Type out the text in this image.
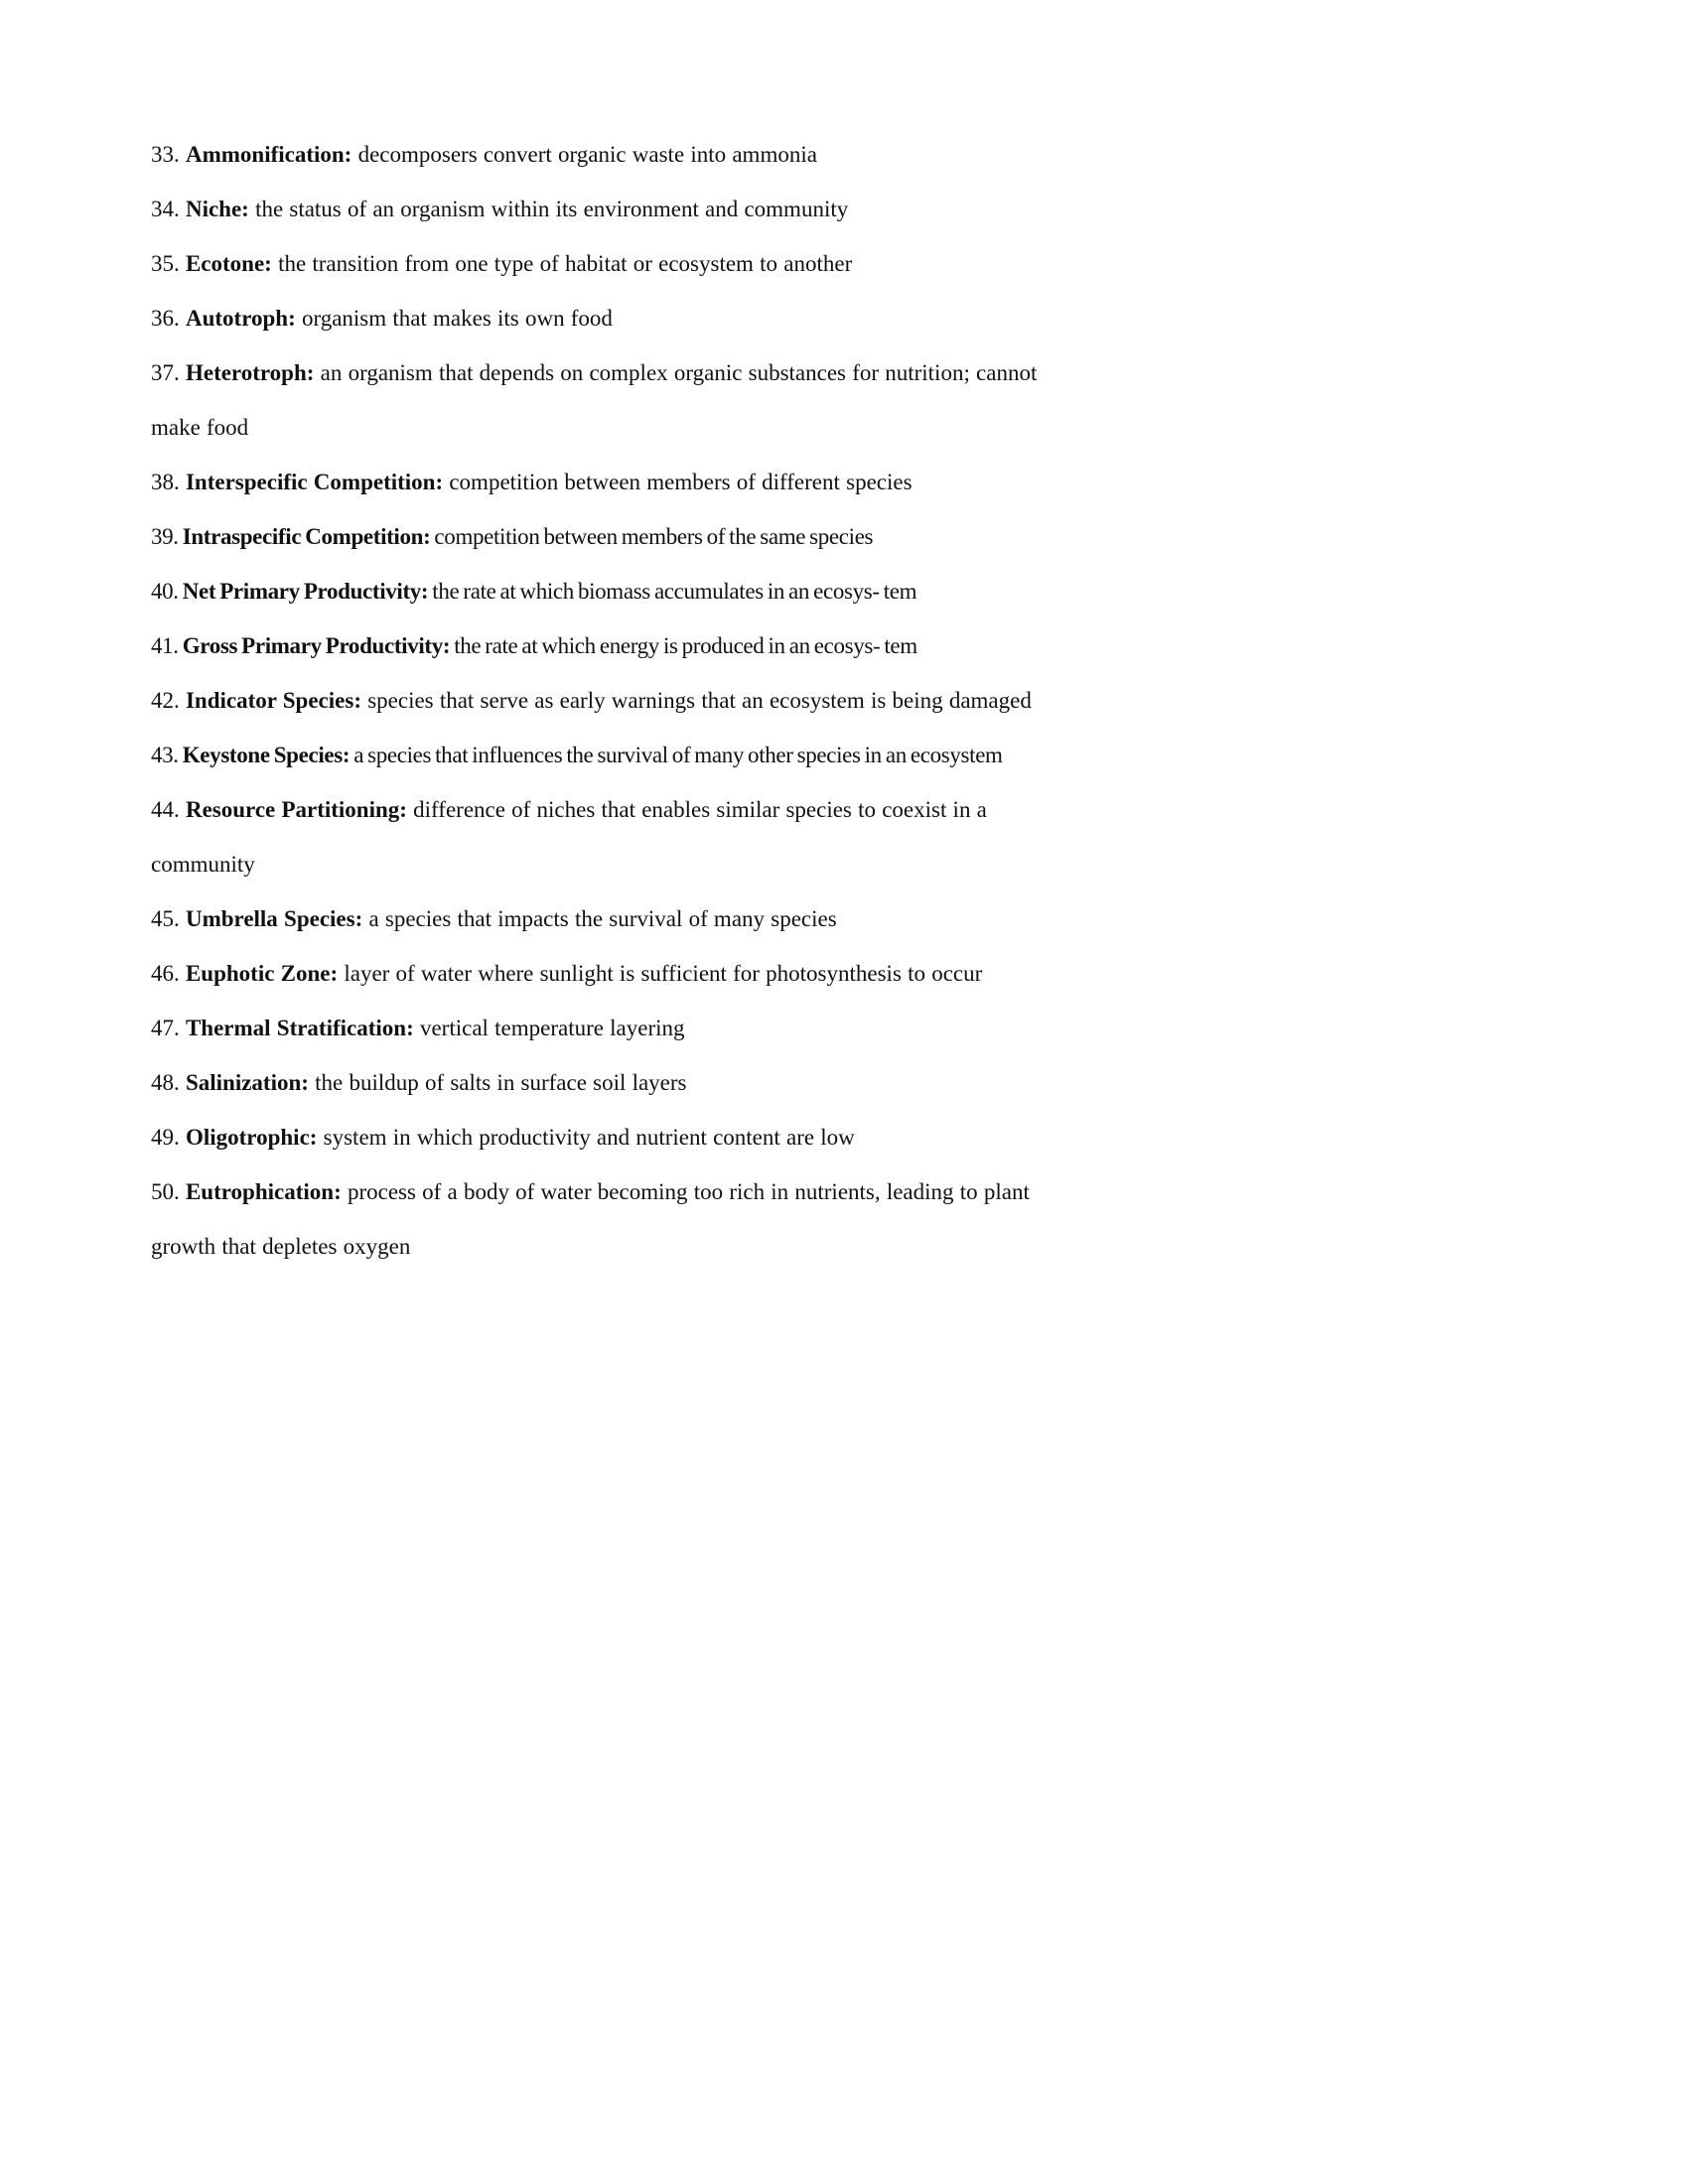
33. Ammonification: decomposers convert organic waste into ammonia

34. Niche: the status of an organism within its environment and community

35. Ecotone: the transition from one type of habitat or ecosystem to another

36. Autotroph: organism that makes its own food

37. Heterotroph: an organism that depends on complex organic substances for nutrition; cannot make food

38. Interspecific Competition: competition between members of different species

39. Intraspecific Competition: competition between members of the same species

40. Net Primary Productivity: the rate at which biomass accumulates in an ecosys- tem

41. Gross Primary Productivity: the rate at which energy is produced in an ecosys- tem

42. Indicator Species: species that serve as early warnings that an ecosystem is being damaged

43. Keystone Species: a species that influences the survival of many other species in an ecosystem

44. Resource Partitioning: difference of niches that enables similar species to coexist in a community

45. Umbrella Species: a species that impacts the survival of many species

46. Euphotic Zone: layer of water where sunlight is sufficient for photosynthesis to occur

47. Thermal Stratification: vertical temperature layering

48. Salinization: the buildup of salts in surface soil layers

49. Oligotrophic: system in which productivity and nutrient content are low

50. Eutrophication: process of a body of water becoming too rich in nutrients, leading to plant growth that depletes oxygen
